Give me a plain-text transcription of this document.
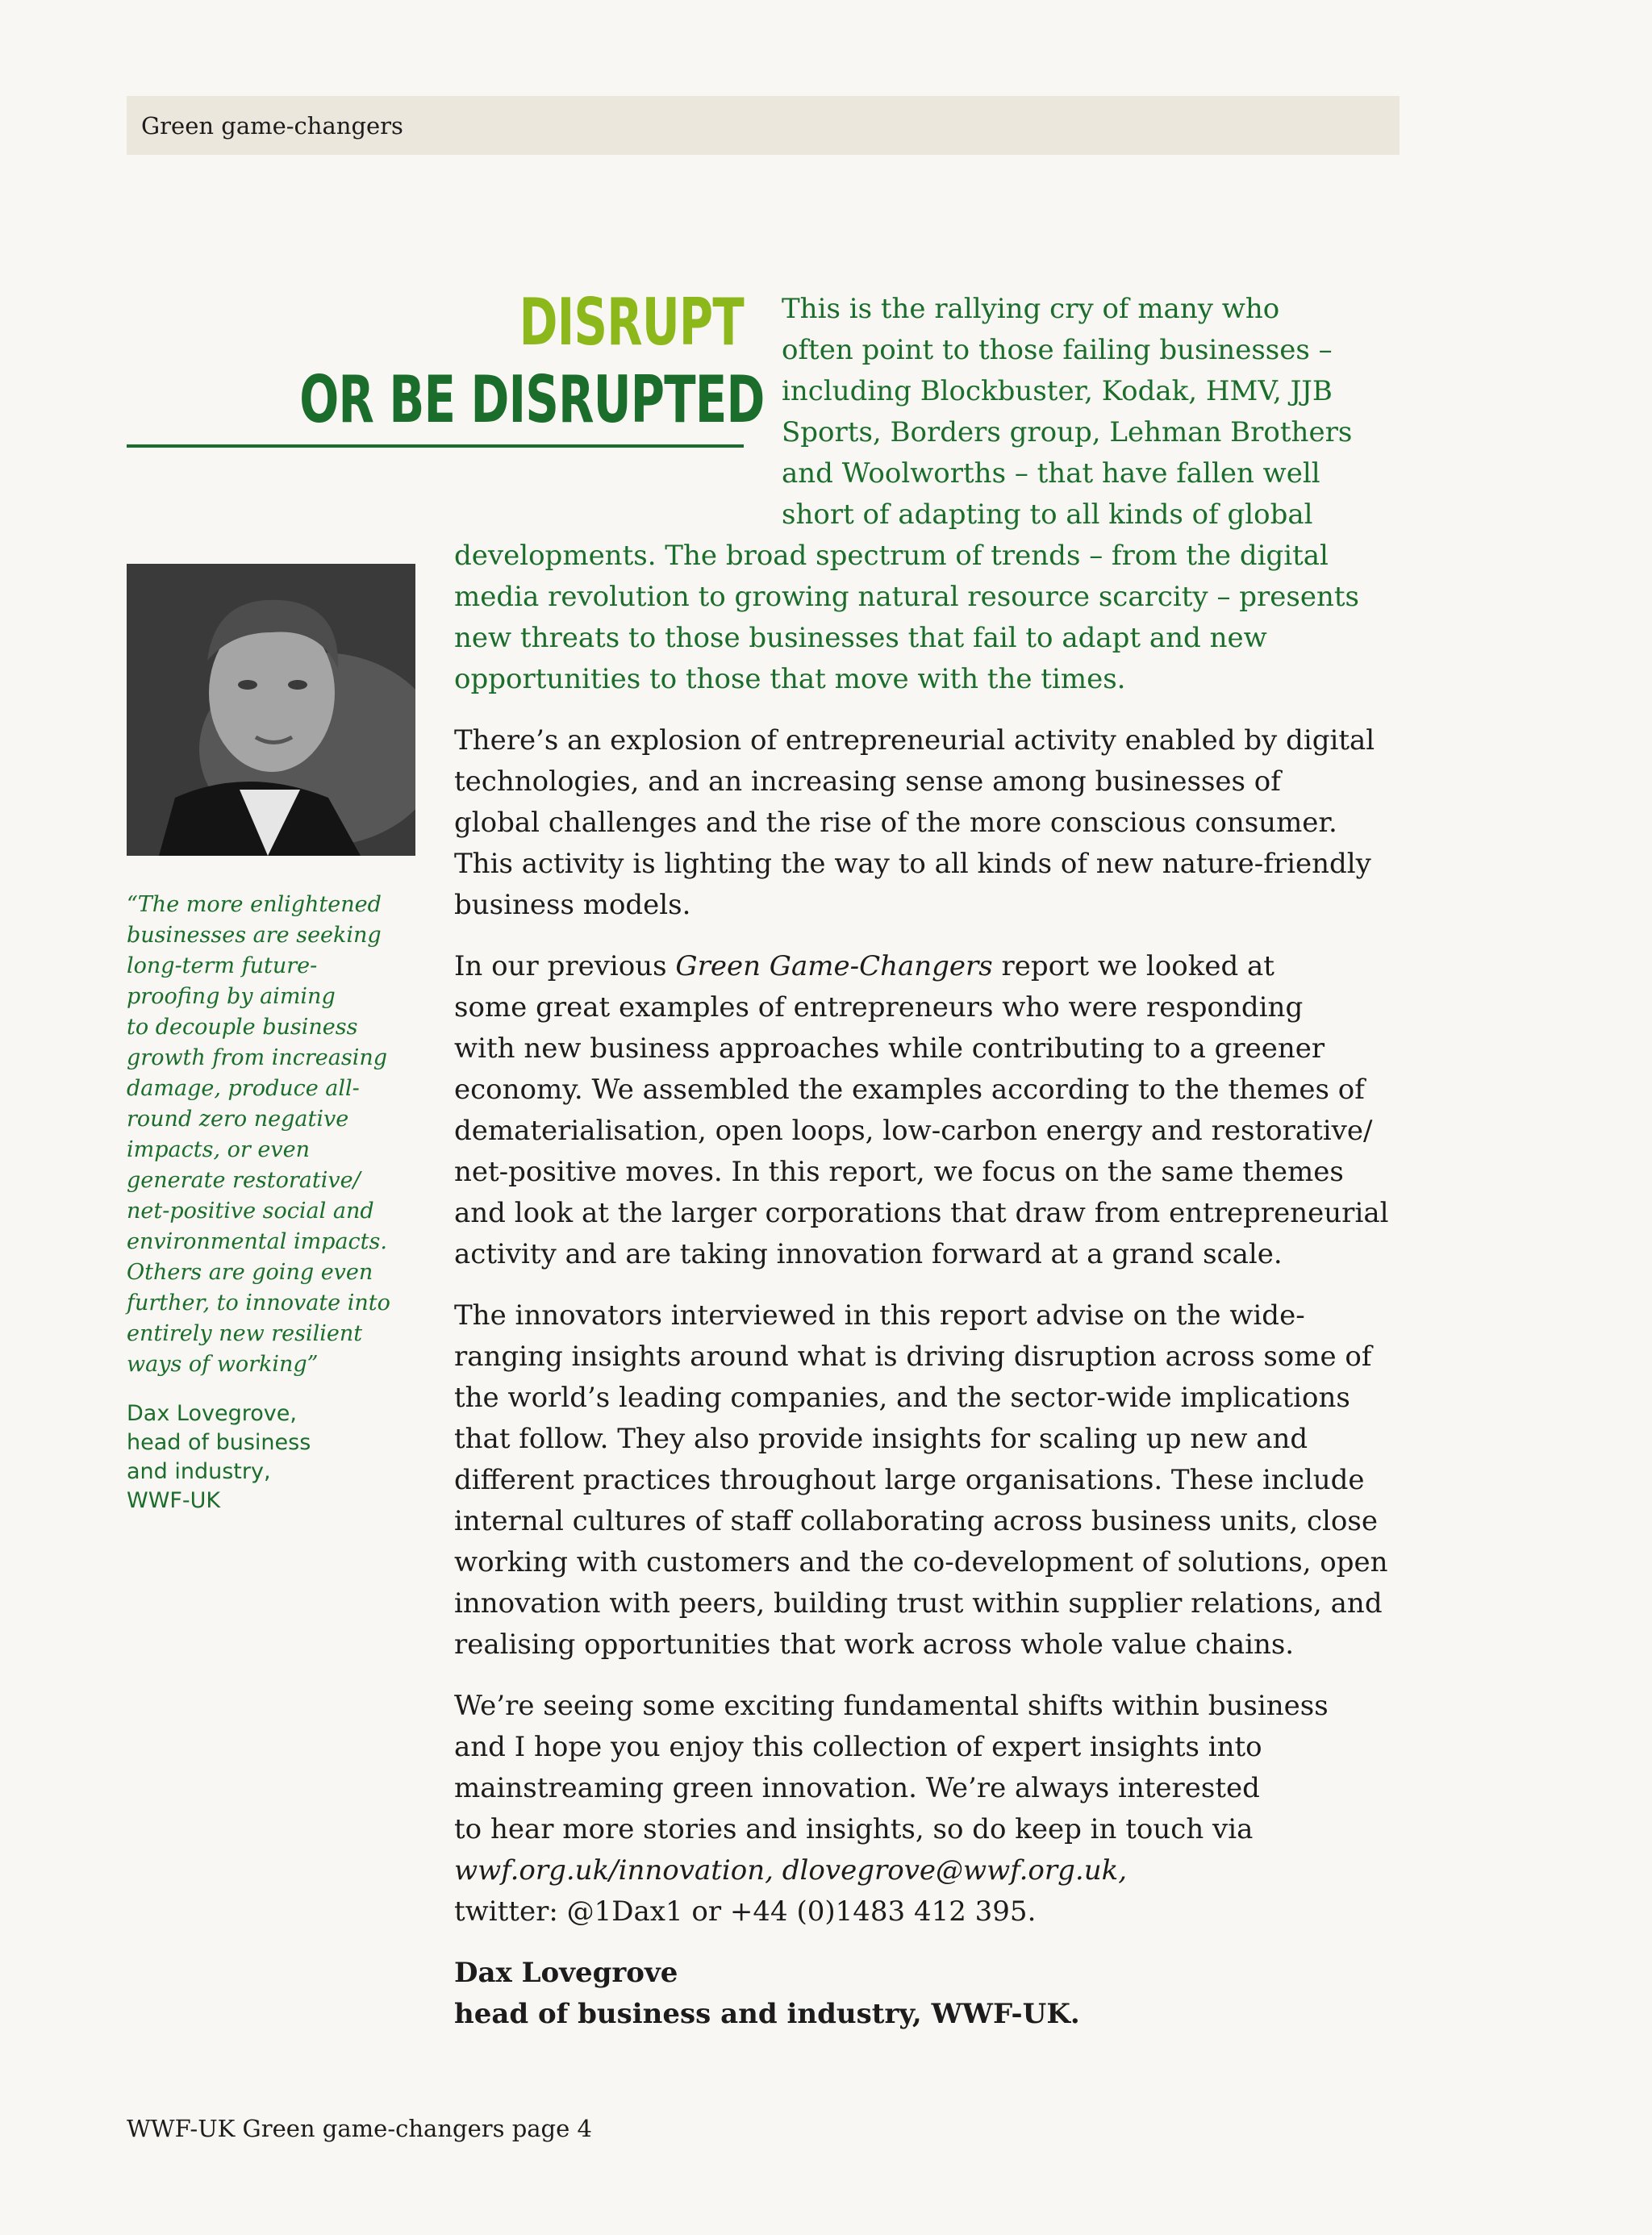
Green game-changers
DISRUPT
OR BE DISRUPTED
“The more enlightened
businesses are seeking
long-term future-
proofing by aiming
to decouple business
growth from increasing
damage, produce all-
round zero negative
impacts, or even
generate restorative/
net-positive social and
environmental impacts.
Others are going even
further, to innovate into
entirely new resilient
ways of working”
Dax Lovegrove,
head of business
and industry,
WWF-UK
This is the rallying cry of many who
often point to those failing businesses –
including Blockbuster, Kodak, HMV, JJB
Sports, Borders group, Lehman Brothers
and Woolworths – that have fallen well
short of adapting to all kinds of global
developments. The broad spectrum of trends – from the digital
media revolution to growing natural resource scarcity – presents
new threats to those businesses that fail to adapt and new
opportunities to those that move with the times.

There’s an explosion of entrepreneurial activity enabled by digital
technologies, and an increasing sense among businesses of
global challenges and the rise of the more conscious consumer.
This activity is lighting the way to all kinds of new nature-friendly
business models.

In our previous Green Game-Changers report we looked at
some great examples of entrepreneurs who were responding
with new business approaches while contributing to a greener
economy. We assembled the examples according to the themes of
dematerialisation, open loops, low-carbon energy and restorative/
net-positive moves. In this report, we focus on the same themes
and look at the larger corporations that draw from entrepreneurial
activity and are taking innovation forward at a grand scale.

The innovators interviewed in this report advise on the wide-
ranging insights around what is driving disruption across some of
the world’s leading companies, and the sector-wide implications
that follow. They also provide insights for scaling up new and
different practices throughout large organisations. These include
internal cultures of staff collaborating across business units, close
working with customers and the co-development of solutions, open
innovation with peers, building trust within supplier relations, and
realising opportunities that work across whole value chains.

We’re seeing some exciting fundamental shifts within business
and I hope you enjoy this collection of expert insights into
mainstreaming green innovation. We’re always interested
to hear more stories and insights, so do keep in touch via
wwf.org.uk/innovation, dlovegrove@wwf.org.uk,
twitter: @1Dax1 or +44 (0)1483 412 395.

Dax Lovegrove
head of business and industry, WWF-UK.

WWF-UK Green game-changers page 4
